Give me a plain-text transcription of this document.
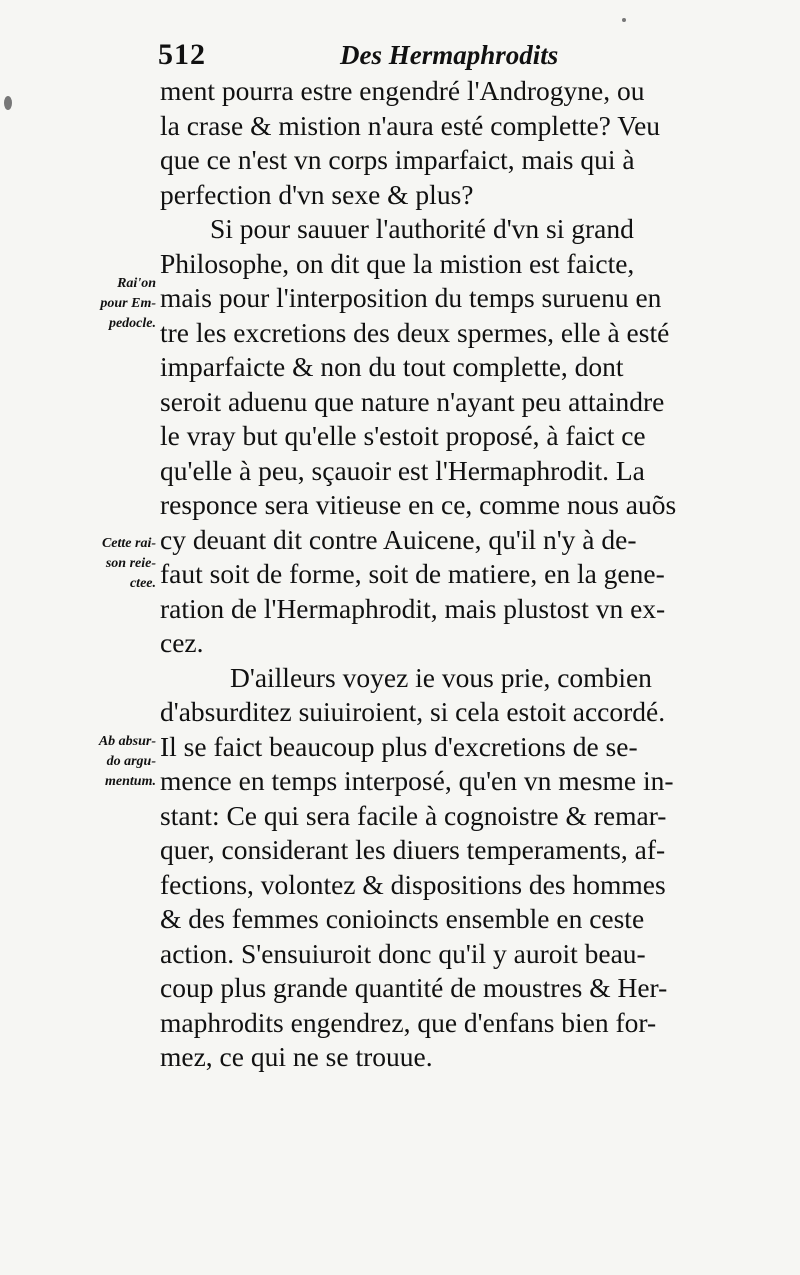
512	Des Hermaphrodits
Rai'on
pour Em-
pedocle.
Cette rai-
son reie-
ctee.
Ab absur-
do argu-
mentum.
ment pourra estre engendré l'Androgyne, ou
la crase & mistion n'aura esté complette? Veu
que ce n'est vn corps imparfaict, mais qui à
perfection d'vn sexe & plus?
Si pour sauuer l'authorité d'vn si grand
Philosophe, on dit que la mistion est faicte,
mais pour l'interposition du temps suruenu en
tre les excretions des deux spermes, elle à esté
imparfaicte & non du tout complette, dont
seroit aduenu que nature n'ayant peu attaindre
le vray but qu'elle s'estoit proposé, à faict ce
qu'elle à peu, sçauoir est l'Hermaphrodit. La
responce sera vitieuse en ce, comme nous auõs
cy deuant dit contre Auicene, qu'il n'y à de-
faut soit de forme, soit de matiere, en la gene-
ration de l'Hermaphrodit, mais plustost vn ex-
cez.
D'ailleurs voyez ie vous prie, combien
d'absurditez suiuiroient, si cela estoit accordé.
Il se faict beaucoup plus d'excretions de se-
mence en temps interposé, qu'en vn mesme in-
stant: Ce qui sera facile à cognoistre & remar-
quer, considerant les diuers temperaments, af-
fections, volontez & dispositions des hommes
& des femmes conioincts ensemble en ceste
action. S'ensuiuroit donc qu'il y auroit beau-
coup plus grande quantité de moustres & Her-
maphrodits engendrez, que d'enfans bien for-
mez, ce qui ne se trouue.
